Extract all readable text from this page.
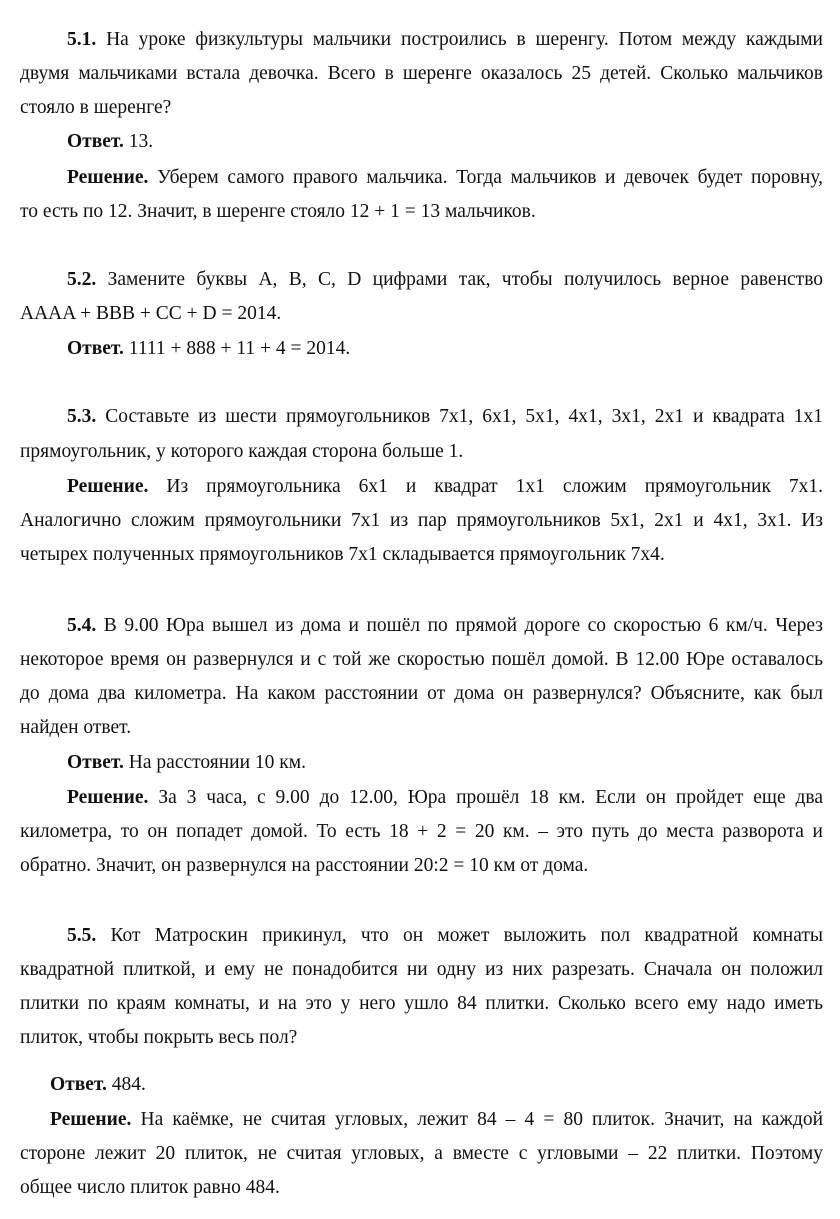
5.1. На уроке физкультуры мальчики построились в шеренгу. Потом между каждыми
двумя мальчиками встала девочка. Всего в шеренге оказалось 25 детей. Сколько мальчиков
стояло в шеренге?
Ответ. 13.
Решение. Уберем самого правого мальчика. Тогда мальчиков и девочек будет поровну,
то есть по 12. Значит, в шеренге стояло 12 + 1 = 13 мальчиков.
5.2. Замените буквы A, B, C, D цифрами так, чтобы получилось верное равенство
AAAA + BBB + CC + D = 2014.
Ответ. 1111 + 888 + 11 + 4 = 2014.
5.3. Составьте из шести прямоугольников 7x1, 6x1, 5x1, 4x1, 3x1, 2x1 и квадрата 1x1
прямоугольник, у которого каждая сторона больше 1.
Решение. Из прямоугольника 6x1 и квадрат 1x1 сложим прямоугольник 7x1.
Аналогично сложим прямоугольники 7x1 из пар прямоугольников 5x1, 2x1 и 4x1, 3x1. Из
четырех полученных прямоугольников 7x1 складывается прямоугольник 7x4.
5.4. В 9.00 Юра вышел из дома и пошёл по прямой дороге со скоростью 6 км/ч. Через
некоторое время он развернулся и с той же скоростью пошёл домой. В 12.00 Юре оставалось
до дома два километра. На каком расстоянии от дома он развернулся? Объясните, как был
найден ответ.
Ответ. На расстоянии 10 км.
Решение. За 3 часа, с 9.00 до 12.00, Юра прошёл 18 км. Если он пройдет еще два
километра, то он попадет домой. То есть 18 + 2 = 20 км. – это путь до места разворота и
обратно. Значит, он развернулся на расстоянии 20:2 = 10 км от дома.
5.5. Кот Матроскин прикинул, что он может выложить пол квадратной комнаты
квадратной плиткой, и ему не понадобится ни одну из них разрезать. Сначала он положил
плитки по краям комнаты, и на это у него ушло 84 плитки. Сколько всего ему надо иметь
плиток, чтобы покрыть весь пол?
Ответ. 484.
Решение. На каёмке, не считая угловых, лежит 84 – 4 = 80 плиток. Значит, на каждой
стороне лежит 20 плиток, не считая угловых, а вместе с угловыми – 22 плитки. Поэтому
общее число плиток равно 484.
